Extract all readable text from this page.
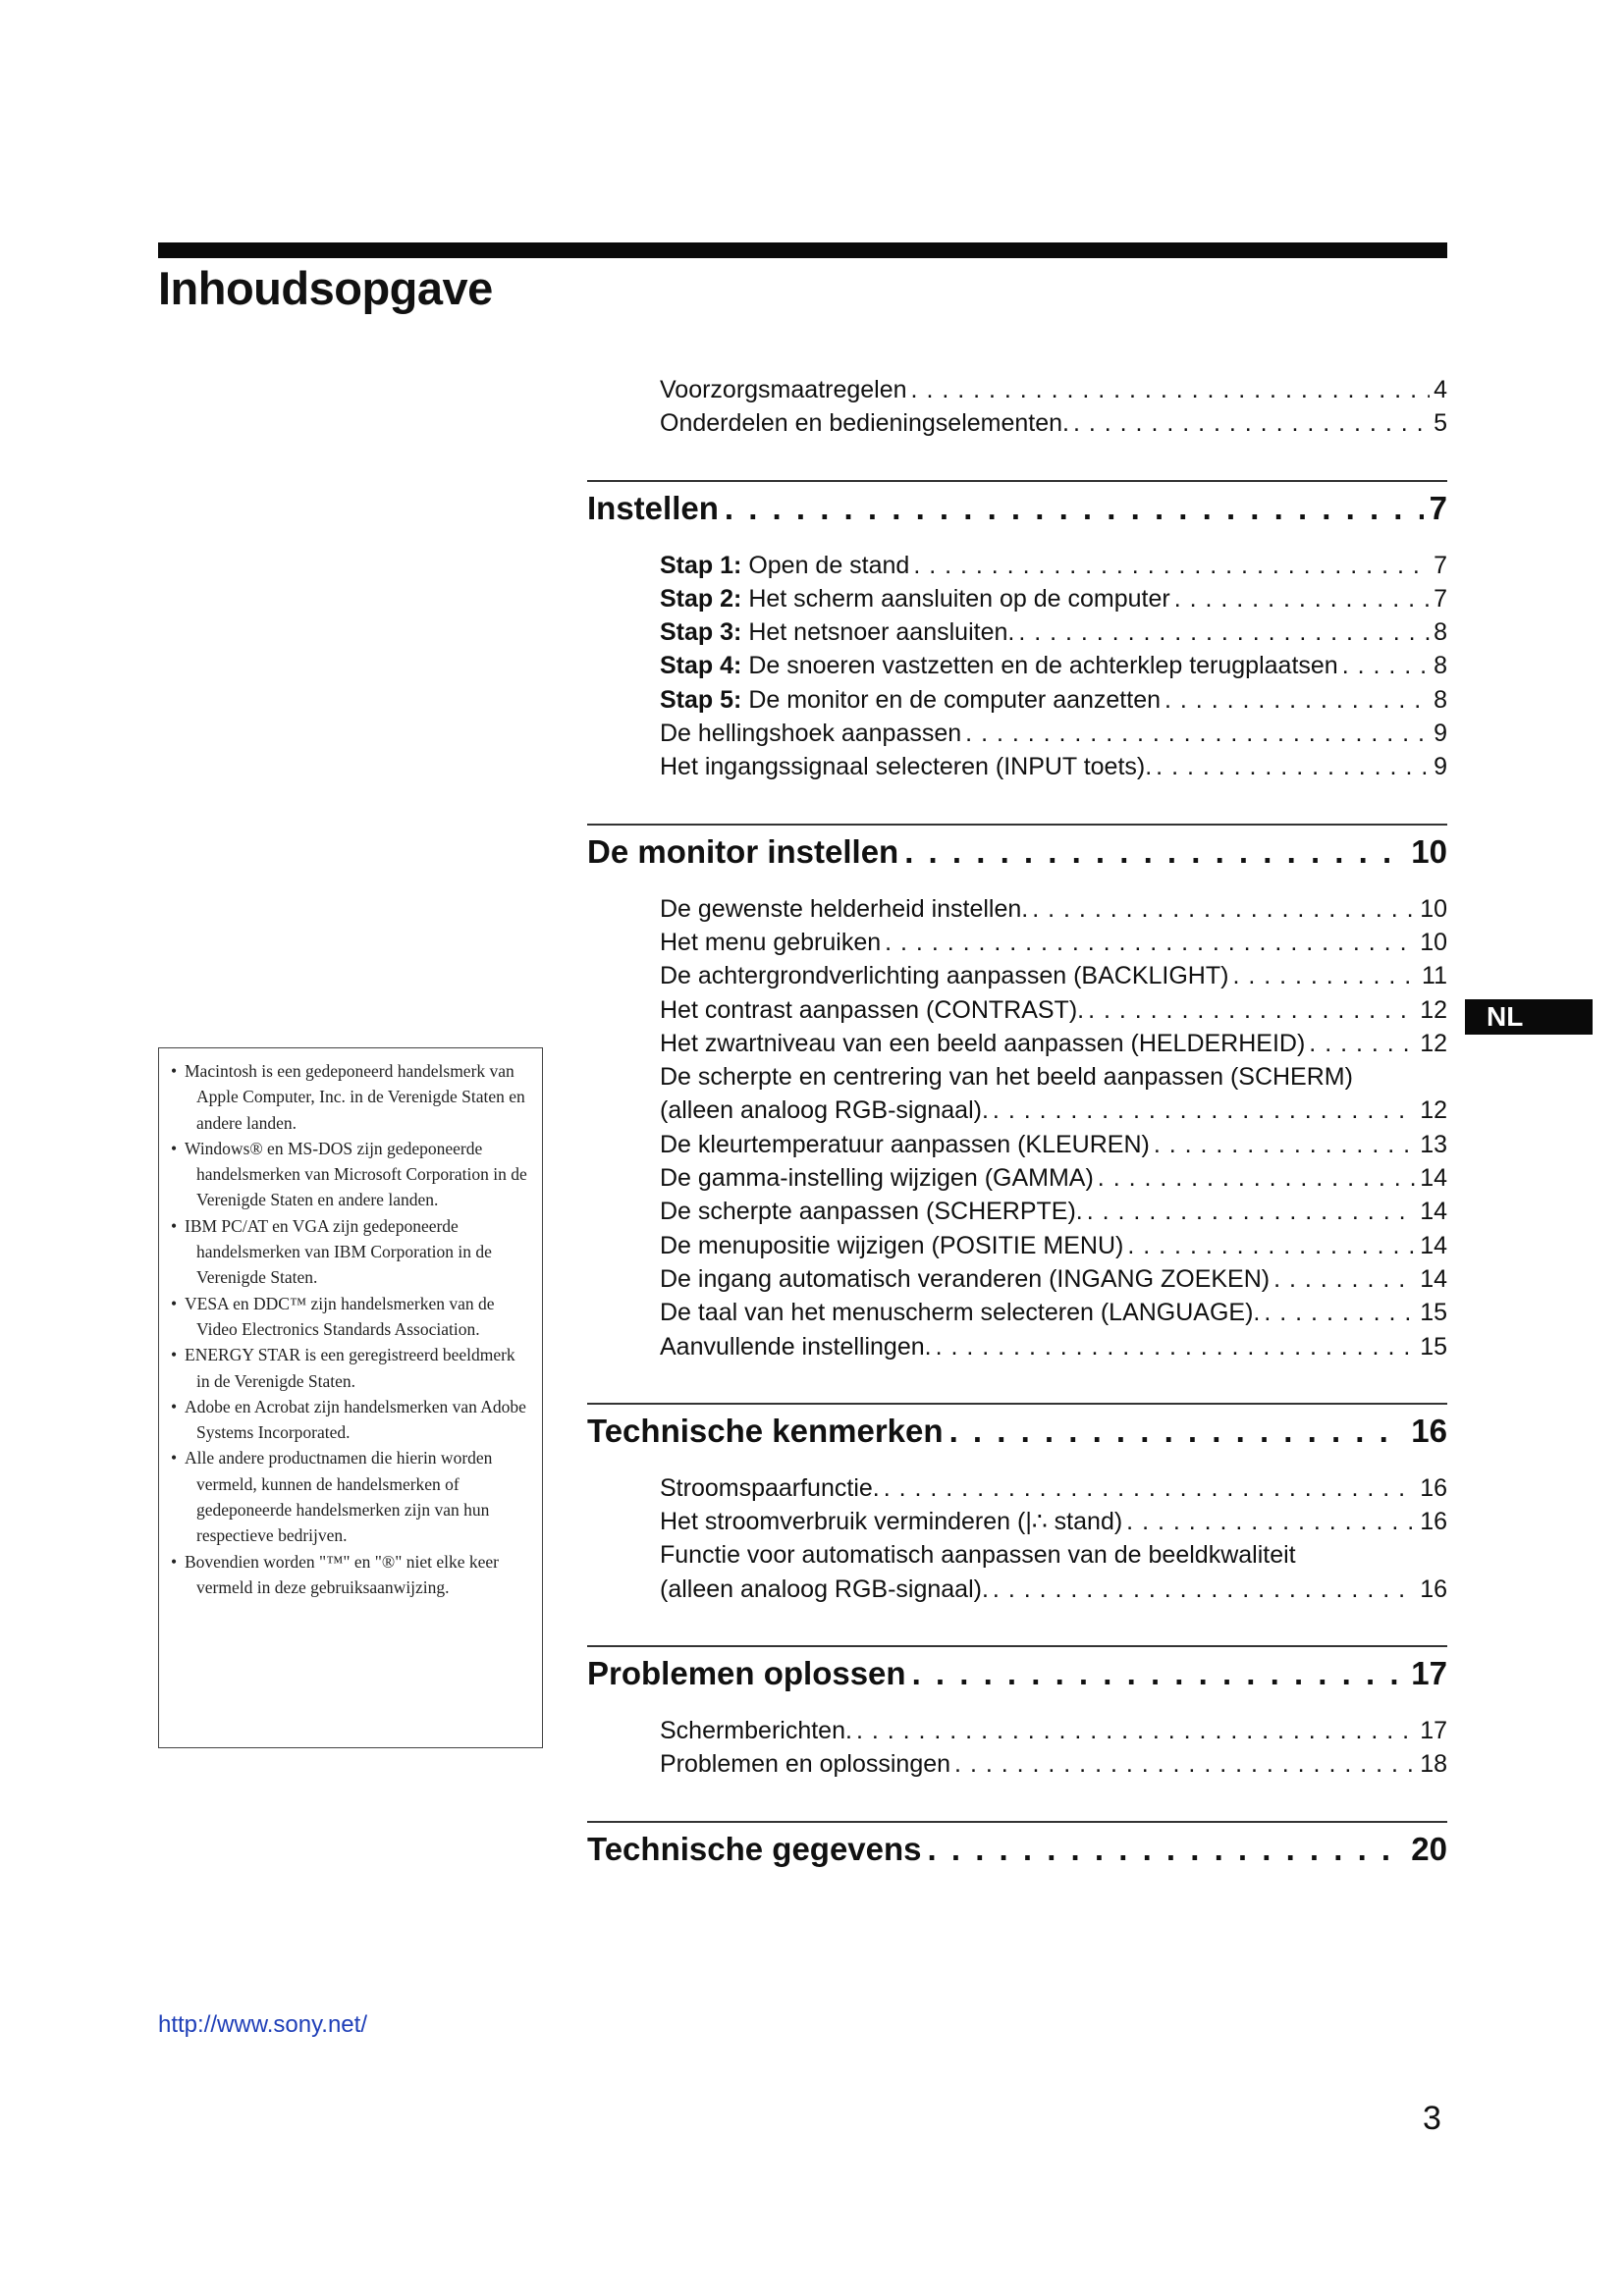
Inhoudsopgave
Voorzorgsmaatregelen . . .	4
Onderdelen en bedieningselementen. . . .	5
Instellen . . .	7
Stap 1: Open de stand . . .	7
Stap 2: Het scherm aansluiten op de computer . . .	7
Stap 3: Het netsnoer aansluiten. . . .	8
Stap 4: De snoeren vastzetten en de achterklep terugplaatsen . . .	8
Stap 5: De monitor en de computer aanzetten . . .	8
De hellingshoek aanpassen . . .	9
Het ingangssignaal selecteren (INPUT toets). . . .	9
De monitor instellen . . .	10
De gewenste helderheid instellen. . . .	10
Het menu gebruiken . . .	10
De achtergrondverlichting aanpassen (BACKLIGHT) . . .	11
Het contrast aanpassen (CONTRAST). . . .	12
Het zwartniveau van een beeld aanpassen (HELDERHEID) . . .	12
De scherpte en centrering van het beeld aanpassen (SCHERM)
(alleen analoog RGB-signaal). . . .	12
De kleurtemperatuur aanpassen (KLEUREN) . . .	13
De gamma-instelling wijzigen (GAMMA) . . .	14
De scherpte aanpassen (SCHERPTE). . . .	14
De menupositie wijzigen (POSITIE MENU) . . .	14
De ingang automatisch veranderen (INGANG ZOEKEN) . . .	14
De taal van het menuscherm selecteren (LANGUAGE). . . .	15
Aanvullende instellingen. . . .	15
Technische kenmerken . . .	16
Stroomspaarfunctie. . . .	16
Het stroomverbruik verminderen (|∴ stand) . . .	16
Functie voor automatisch aanpassen van de beeldkwaliteit
(alleen analoog RGB-signaal). . . .	16
Problemen oplossen . . .	17
Schermberichten. . . .	17
Problemen en oplossingen . . .	18
Technische gegevens . . .	20
NL
• Macintosh is een gedeponeerd handelsmerk van Apple Computer, Inc. in de Verenigde Staten en andere landen.
• Windows® en MS-DOS zijn gedeponeerde handelsmerken van Microsoft Corporation in de Verenigde Staten en andere landen.
• IBM PC/AT en VGA zijn gedeponeerde handelsmerken van IBM Corporation in de Verenigde Staten.
• VESA en DDC™ zijn handelsmerken van de Video Electronics Standards Association.
• ENERGY STAR is een geregistreerd beeldmerk in de Verenigde Staten.
• Adobe en Acrobat zijn handelsmerken van Adobe Systems Incorporated.
• Alle andere productnamen die hierin worden vermeld, kunnen de handelsmerken of gedeponeerde handelsmerken zijn van hun respectieve bedrijven.
• Bovendien worden "™" en "®" niet elke keer vermeld in deze gebruiksaanwijzing.
http://www.sony.net/
3
